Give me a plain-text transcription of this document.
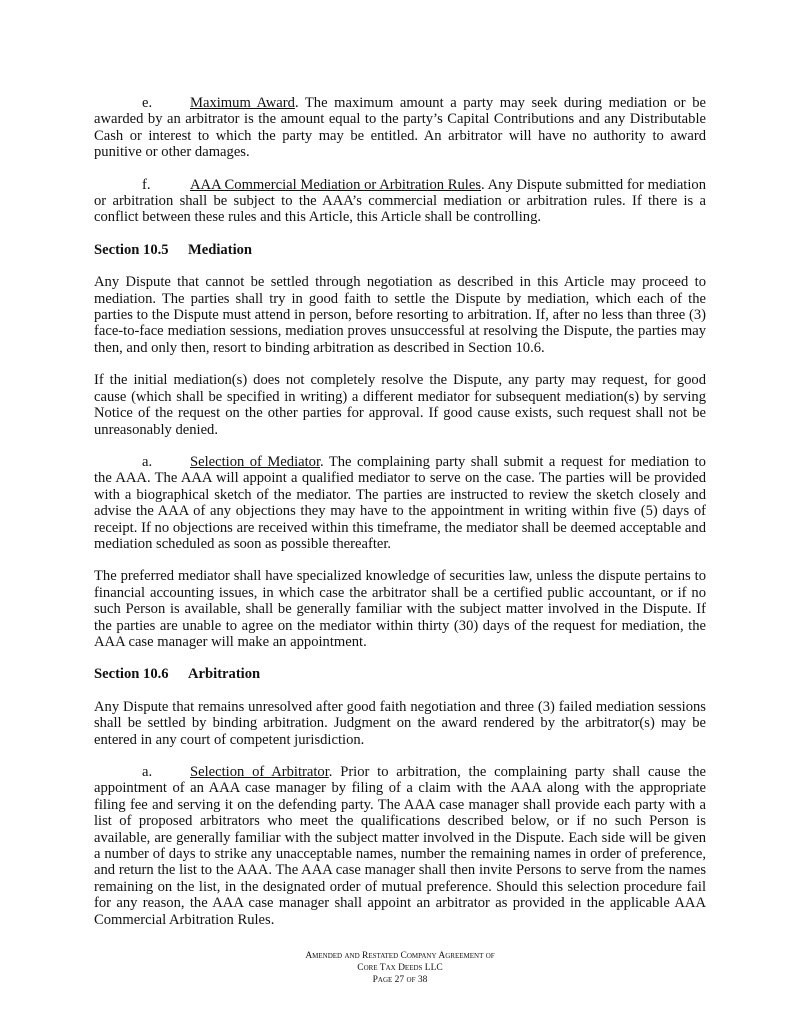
e.	Maximum Award. The maximum amount a party may seek during mediation or be awarded by an arbitrator is the amount equal to the party’s Capital Contributions and any Distributable Cash or interest to which the party may be entitled. An arbitrator will have no authority to award punitive or other damages.

f.	AAA Commercial Mediation or Arbitration Rules. Any Dispute submitted for mediation or arbitration shall be subject to the AAA’s commercial mediation or arbitration rules. If there is a conflict between these rules and this Article, this Article shall be controlling.

Section 10.5 Mediation

Any Dispute that cannot be settled through negotiation as described in this Article may proceed to mediation. The parties shall try in good faith to settle the Dispute by mediation, which each of the parties to the Dispute must attend in person, before resorting to arbitration. If, after no less than three (3) face-to-face mediation sessions, mediation proves unsuccessful at resolving the Dispute, the parties may then, and only then, resort to binding arbitration as described in Section 10.6.

If the initial mediation(s) does not completely resolve the Dispute, any party may request, for good cause (which shall be specified in writing) a different mediator for subsequent mediation(s) by serving Notice of the request on the other parties for approval. If good cause exists, such request shall not be unreasonably denied.

a.	Selection of Mediator. The complaining party shall submit a request for mediation to the AAA. The AAA will appoint a qualified mediator to serve on the case. The parties will be provided with a biographical sketch of the mediator. The parties are instructed to review the sketch closely and advise the AAA of any objections they may have to the appointment in writing within five (5) days of receipt. If no objections are received within this timeframe, the mediator shall be deemed acceptable and mediation scheduled as soon as possible thereafter.

The preferred mediator shall have specialized knowledge of securities law, unless the dispute pertains to financial accounting issues, in which case the arbitrator shall be a certified public accountant, or if no such Person is available, shall be generally familiar with the subject matter involved in the Dispute. If the parties are unable to agree on the mediator within thirty (30) days of the request for mediation, the AAA case manager will make an appointment.

Section 10.6 Arbitration

Any Dispute that remains unresolved after good faith negotiation and three (3) failed mediation sessions shall be settled by binding arbitration. Judgment on the award rendered by the arbitrator(s) may be entered in any court of competent jurisdiction.

a.	Selection of Arbitrator. Prior to arbitration, the complaining party shall cause the appointment of an AAA case manager by filing of a claim with the AAA along with the appropriate filing fee and serving it on the defending party. The AAA case manager shall provide each party with a list of proposed arbitrators who meet the qualifications described below, or if no such Person is available, are generally familiar with the subject matter involved in the Dispute. Each side will be given a number of days to strike any unacceptable names, number the remaining names in order of preference, and return the list to the AAA. The AAA case manager shall then invite Persons to serve from the names remaining on the list, in the designated order of mutual preference. Should this selection procedure fail for any reason, the AAA case manager shall appoint an arbitrator as provided in the applicable AAA Commercial Arbitration Rules.

Amended and Restated Company Agreement of
Core Tax Deeds LLC
Page 27 of 38
